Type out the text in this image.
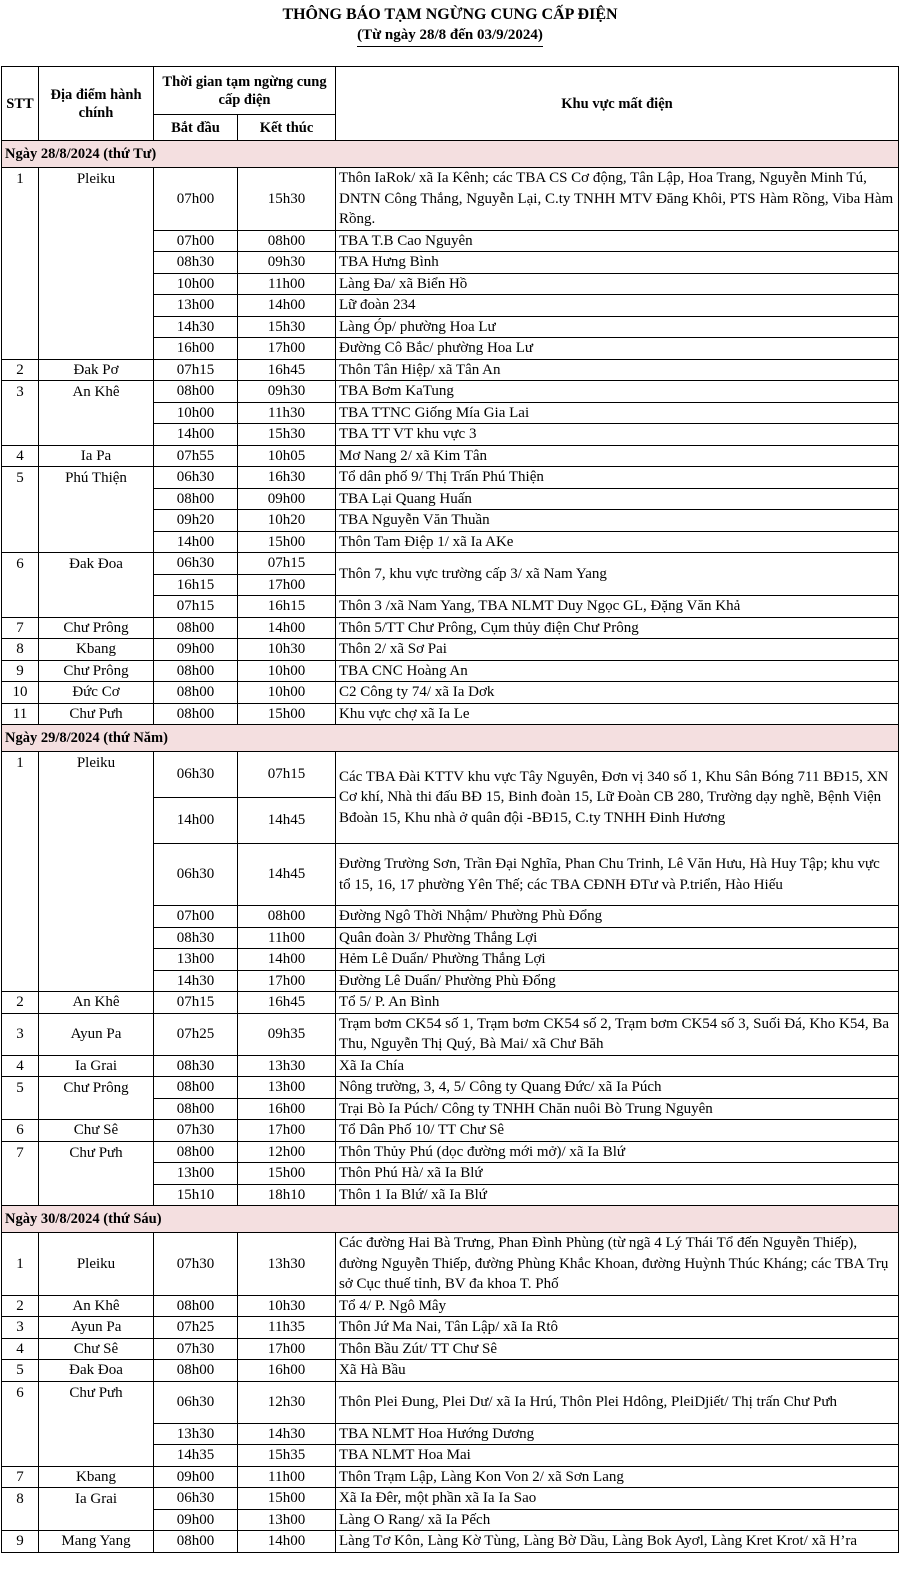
THÔNG BÁO TẠM NGỪNG CUNG CẤP ĐIỆN
(Từ ngày 28/8 đến 03/9/2024)
STT	Địa điểm hành chính	Thời gian tạm ngừng cung cấp điện		Khu vực mất điện
		Bắt đầu	Kết thúc	
Ngày 28/8/2024 (thứ Tư)				
1	Pleiku	07h00	15h30	Thôn IaRok/ xã Ia Kênh; các TBA CS Cơ động, Tân Lập, Hoa Trang, Nguyễn Minh Tú, DNTN Công Thắng, Nguyễn Lại, C.ty TNHH MTV Đăng Khôi, PTS Hàm Rồng, Viba Hàm Rồng.
		07h00	08h00	TBA T.B Cao Nguyên
		08h30	09h30	TBA Hưng Bình
		10h00	11h00	Làng Đa/ xã Biển Hồ
		13h00	14h00	Lữ đoàn 234
		14h30	15h30	Làng Óp/ phường Hoa Lư
		16h00	17h00	Đường Cô Bắc/ phường Hoa Lư
2	Đak Pơ	07h15	16h45	Thôn Tân Hiệp/ xã Tân An
3	An Khê	08h00	09h30	TBA Bơm KaTung
		10h00	11h30	TBA TTNC Giống Mía Gia Lai
		14h00	15h30	TBA TT VT khu vực 3
4	Ia Pa	07h55	10h05	Mơ Nang 2/ xã Kim Tân
5	Phú Thiện	06h30	16h30	Tổ dân phố 9/ Thị Trấn Phú Thiện
		08h00	09h00	TBA Lại Quang Huấn
		09h20	10h20	TBA Nguyễn Văn Thuần
		14h00	15h00	Thôn Tam Điệp 1/ xã Ia AKe
6	Đak Đoa	06h30	07h15	Thôn 7, khu vực trường cấp 3/ xã Nam Yang
		16h15	17h00	
		07h15	16h15	Thôn 3 /xã Nam Yang, TBA NLMT Duy Ngọc GL, Đặng Văn Khả
7	Chư Prông	08h00	14h00	Thôn 5/TT Chư Prông, Cụm thủy điện Chư Prông
8	Kbang	09h00	10h30	Thôn 2/ xã Sơ Pai
9	Chư Prông	08h00	10h00	TBA CNC Hoàng An
10	Đức Cơ	08h00	10h00	C2 Công ty 74/ xã Ia Dơk
11	Chư Pưh	08h00	15h00	Khu vực chợ xã Ia Le
Ngày 29/8/2024 (thứ Năm)				
1	Pleiku	06h30	07h15	Các TBA Đài KTTV khu vực Tây Nguyên, Đơn vị 340 số 1, Khu Sân Bóng 711 BĐ15, XN Cơ khí, Nhà thi đấu BĐ 15, Binh đoàn 15, Lữ Đoàn CB 280, Trường dạy nghề, Bệnh Viện Bđoàn 15, Khu nhà ở quân đội -BĐ15, C.ty TNHH Đinh Hương
		14h00	14h45	
		06h30	14h45	Đường Trường Sơn, Trần Đại Nghĩa, Phan Chu Trinh, Lê Văn Hưu, Hà Huy Tập; khu vực tổ 15, 16, 17 phường Yên Thế; các TBA CĐNH ĐTư và P.triển, Hào Hiếu
		07h00	08h00	Đường Ngô Thời Nhậm/ Phường Phù Đổng
		08h30	11h00	Quân đoàn 3/ Phường Thắng Lợi
		13h00	14h00	Hẻm Lê Duẩn/ Phường Thắng Lợi
		14h30	17h00	Đường Lê Duẩn/ Phường Phù Đổng
2	An Khê	07h15	16h45	Tổ 5/ P. An Bình
3	Ayun Pa	07h25	09h35	Trạm bơm CK54 số 1, Trạm bơm CK54 số 2, Trạm bơm CK54 số 3, Suối Đá, Kho K54, Ba Thu, Nguyễn Thị Quý, Bà Mai/ xã Chư Băh
4	Ia Grai	08h30	13h30	Xã Ia Chía
5	Chư Prông	08h00	13h00	Nông trường, 3, 4, 5/ Công ty Quang Đức/ xã Ia Púch
		08h00	16h00	Trại Bò Ia Púch/ Công ty TNHH Chăn nuôi Bò Trung Nguyên
6	Chư Sê	07h30	17h00	Tổ Dân Phố 10/ TT Chư Sê
7	Chư Pưh	08h00	12h00	Thôn Thủy Phú (dọc đường mới mở)/ xã Ia Blứ
		13h00	15h00	Thôn Phú Hà/ xã Ia Blứ
		15h10	18h10	Thôn 1 Ia Blứ/ xã Ia Blứ
Ngày 30/8/2024 (thứ Sáu)				
1	Pleiku	07h30	13h30	Các đường Hai Bà Trưng, Phan Đình Phùng (từ ngã 4 Lý Thái Tổ đến Nguyễn Thiếp), đường Nguyễn Thiếp, đường Phùng Khắc Khoan, đường Huỳnh Thúc Kháng; các TBA Trụ sở Cục thuế tỉnh, BV đa khoa T. Phố
2	An Khê	08h00	10h30	Tổ 4/ P. Ngô Mây
3	Ayun Pa	07h25	11h35	Thôn Jứ Ma Nai, Tân Lập/ xã Ia Rtô
4	Chư Sê	07h30	17h00	Thôn Bầu Zút/ TT Chư Sê
5	Đak Đoa	08h00	16h00	Xã Hà Bầu
6	Chư Pưh	06h30	12h30	Thôn Plei Đung, Plei Dư/ xã Ia Hrú, Thôn Plei Hdông, PleiDjiết/ Thị trấn Chư Pưh
		13h30	14h30	TBA NLMT Hoa Hướng Dương
		14h35	15h35	TBA NLMT Hoa Mai
7	Kbang	09h00	11h00	Thôn Trạm Lập, Làng Kon Von 2/ xã Sơn Lang
8	Ia Grai	06h30	15h00	Xã Ia Đêr, một phần xã Ia Ia Sao
		09h00	13h00	Làng O Rang/ xã Ia Pếch
9	Mang Yang	08h00	14h00	Làng Tơ Kôn, Làng Kờ Tùng, Làng Bờ Dầu, Làng Bok Ayơl, Làng Kret Krot/ xã H’ra
